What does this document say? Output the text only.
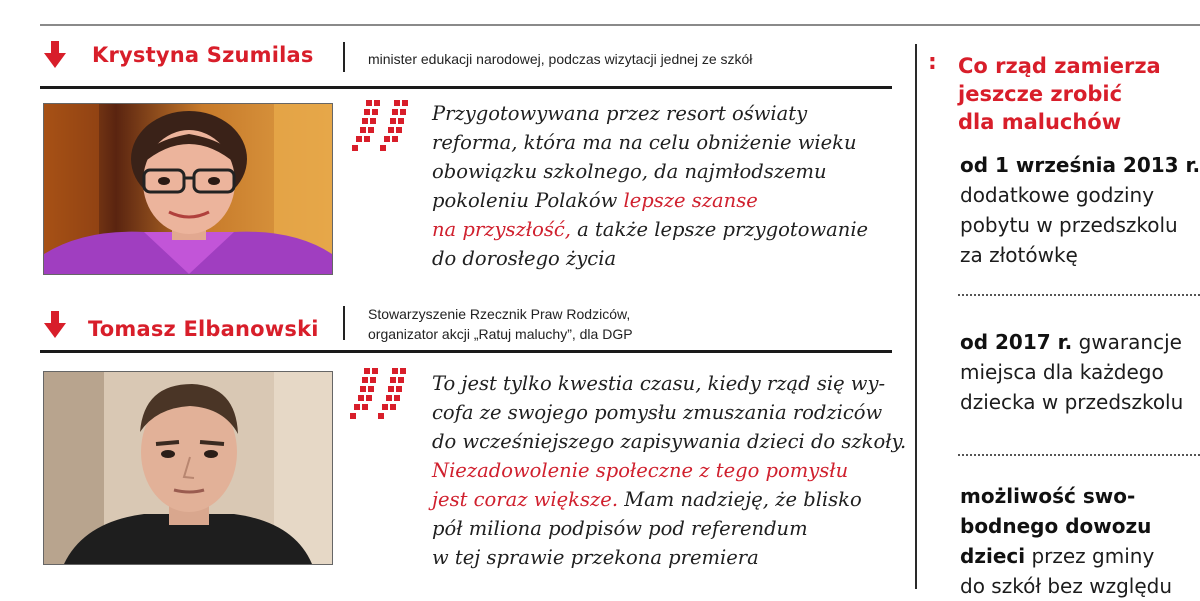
Krystyna Szumilas	minister edukacji narodowej, podczas wizytacji jednej ze szkół
Przygotowywana przez resort oświaty
reforma, która ma na celu obniżenie wieku
obowiązku szkolnego, da najmłodszemu
pokoleniu Polaków lepsze szanse
na przyszłość, a także lepsze przygotowanie
do dorosłego życia
Tomasz Elbanowski
Stowarzyszenie Rzecznik Praw Rodziców,
organizator akcji „Ratuj maluchy”, dla DGP
To jest tylko kwestia czasu, kiedy rząd się wy-
cofa ze swojego pomysłu zmuszania rodziców
do wcześniejszego zapisywania dzieci do szkoły.
Niezadowolenie społeczne z tego pomysłu
jest coraz większe. Mam nadzieję, że blisko
pół miliona podpisów pod referendum
w tej sprawie przekona premiera
: Co rząd zamierza
jeszcze zrobić
dla maluchów
od 1 września 2013 r.
dodatkowe godziny
pobytu w przedszkolu
za złotówkę
od 2017 r. gwarancje
miejsca dla każdego
dziecka w przedszkolu
możliwość swo-
bodnego dowozu
dzieci przez gminy
do szkół bez względu
